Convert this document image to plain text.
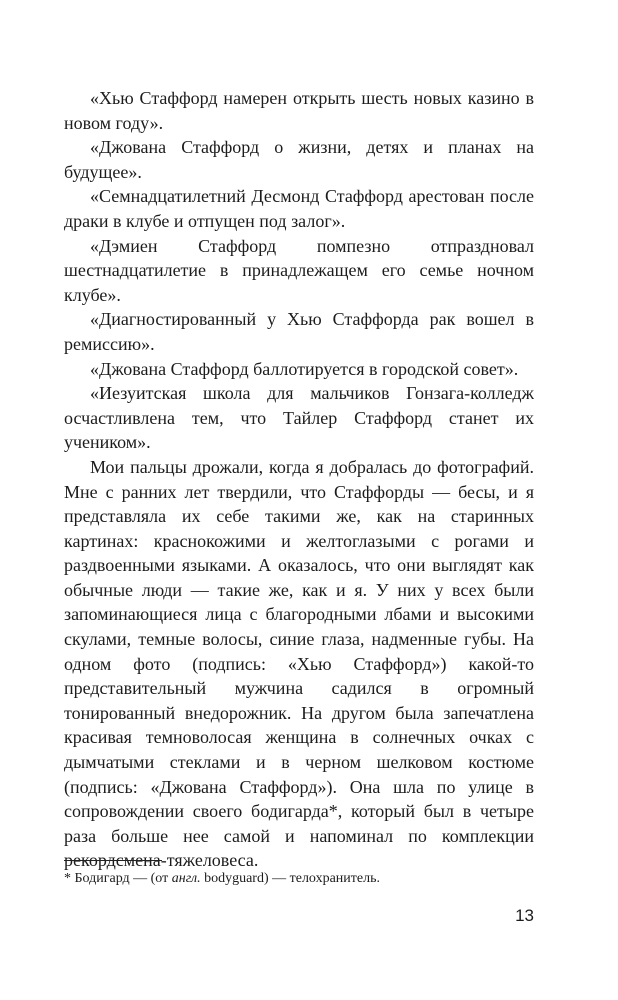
«Хью Стаффорд намерен открыть шесть новых казино в новом году».

«Джована Стаффорд о жизни, детях и планах на будущее».

«Семнадцатилетний Десмонд Стаффорд арестован после драки в клубе и отпущен под залог».

«Дэмиен Стаффорд помпезно отпраздновал шестнадцатилетие в принадлежащем его семье ночном клубе».

«Диагностированный у Хью Стаффорда рак вошел в ремиссию».

«Джована Стаффорд баллотируется в городской совет».

«Иезуитская школа для мальчиков Гонзага-колледж осчастливлена тем, что Тайлер Стаффорд станет их учеником».

Мои пальцы дрожали, когда я добралась до фотографий. Мне с ранних лет твердили, что Стаффорды — бесы, и я представляла их себе такими же, как на старинных картинах: краснокожими и желтоглазыми с рогами и раздвоенными языками. А оказалось, что они выглядят как обычные люди — такие же, как и я. У них у всех были запоминающиеся лица с благородными лбами и высокими скулами, темные волосы, синие глаза, надменные губы. На одном фото (подпись: «Хью Стаффорд») какой-то представительный мужчина садился в огромный тонированный внедорожник. На другом была запечатлена красивая темноволосая женщина в солнечных очках с дымчатыми стеклами и в черном шелковом костюме (подпись: «Джована Стаффорд»). Она шла по улице в сопровождении своего бодигарда*, который был в четыре раза больше нее самой и напоминал по комплекции рекордсмена-тяжеловеса.

* Бодигард — (от англ. bodyguard) — телохранитель.
13
